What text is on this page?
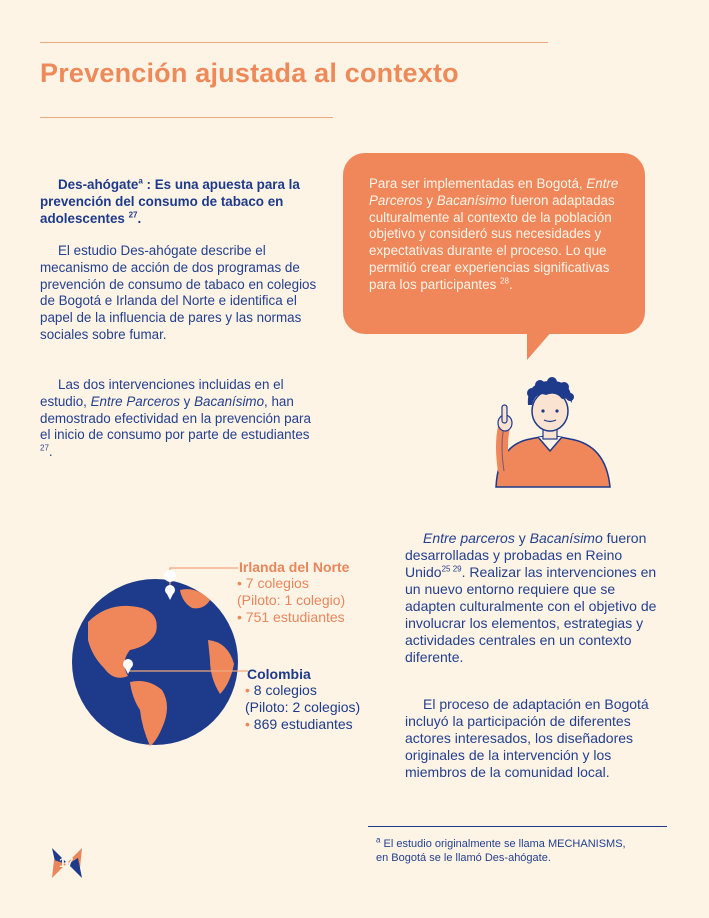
Prevención ajustada al contexto
Des-ahógate$^a$ : Es una apuesta para la prevención del consumo de tabaco en adolescentes $^{27}$.
El estudio Des-ahógate describe el mecanismo de acción de dos programas de prevención de consumo de tabaco en colegios de Bogotá e Irlanda del Norte e identifica el papel de la influencia de pares y las normas sociales sobre fumar.
Las dos intervenciones incluidas en el estudio, Entre Parceros y Bacanísimo, han demostrado efectividad en la prevención para el inicio de consumo por parte de estudiantes $^{27}$.
Para ser implementadas en Bogotá, Entre Parceros y Bacanísimo fueron adaptadas culturalmente al contexto de la población objetivo y consideró sus necesidades y expectativas durante el proceso. Lo que permitió crear experiencias significativas para los participantes $^{28}$.
Irlanda del Norte
• 7 colegios
(Piloto: 1 colegio)
• 751 estudiantes
Colombia
• 8 colegios
(Piloto: 2 colegios)
• 869 estudiantes
Entre parceros y Bacanísimo fueron desarrolladas y probadas en Reino Unido$^{25 29}$. Realizar las intervenciones en un nuevo entorno requiere que se adapten culturalmente con el objetivo de involucrar los elementos, estrategias y actividades centrales en un contexto diferente.
El proceso de adaptación en Bogotá incluyó la participación de diferentes actores interesados, los diseñadores originales de la intervención y los miembros de la comunidad local.
$^a$ El estudio originalmente se llama MECHANISMS, en Bogotá se le llamó Des-ahógate.
17
